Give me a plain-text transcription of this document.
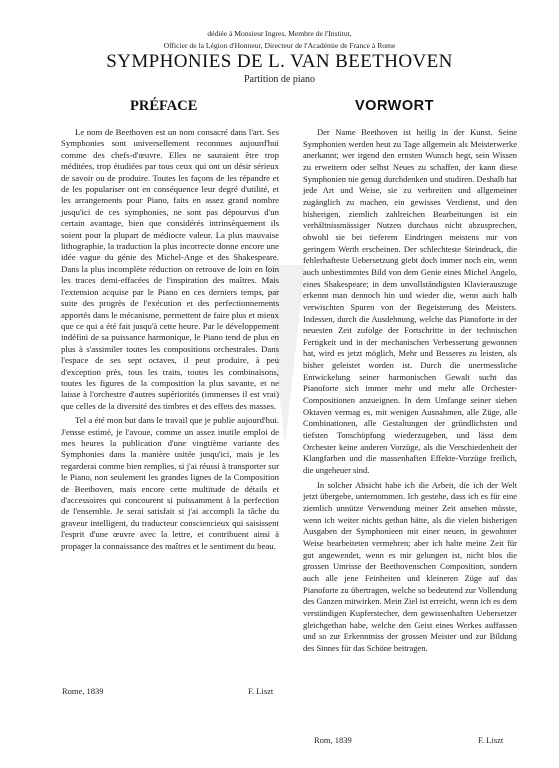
dédiée à Monsieur Ingres, Membre de l'Institut,
Officier de la Légion d'Honneur, Directeur de l'Académie de France à Rome
SYMPHONIES DE L. VAN BEETHOVEN
Partition de piano
PRÉFACE	VORWORT

Le nom de Beethoven est un nom consacré dans l'art. Ses Symphonies sont universellement reconnues aujourd'hui comme des chefs-d'œuvre. Elles ne sauraient être trop méditées, trop étudiées par tous ceux qui ont un désir sérieux de savoir ou de produire. Toutes les façons de les répandre et de les populariser ont en conséquence leur degré d'utilité, et les arrangements pour Piano, faits en assez grand nombre jusqu'ici de ces symphonies, ne sont pas dépourvus d'un certain avantage, bien que considérés intrinsèquement ils soient pour la plupart de médiocre valeur. La plus mauvaise lithographie, la traduction la plus incorrecte donne encore une idée vague du génie des Michel-Ange et des Shakespeare. Dans la plus incomplète réduction on retrouve de loin en loin les traces demi-effacées de l'inspiration des maîtres. Mais l'extension acquise par le Piano en ces derniers temps, par suite des progrès de l'exécution et des perfectionnements apportés dans le mécanisme, permettent de faire plus et mieux que ce qui a été fait jusqu'à cette heure. Par le développement indéfini de sa puissance harmonique, le Piano tend de plus en plus à s'assimiler toutes les compositions orchestrales. Dans l'espace de ses sept octaves, il peut produire, à peu d'exception près, tous les traits, toutes les combinaisons, toutes les figures de la composition la plus savante, et ne laisse à l'orchestre d'autres supériorités (immenses il est vrai) que celles de la diversité des timbres et des effets des masses.

Tel a été mon but dans le travail que je publie aujourd'hui. J'ensse estimé, je l'avoue, comme un assez inutile emploi de mes heures la publication d'une vingtième variante des Symphonies dans la manière usitée jusqu'ici, mais je les regarderai comme bien remplies, si j'ai réussi à transporter sur le Piano, non seulement les grandes lignes de la Composition de Beethoven, mais encore cette multitude de détails et d'accessoires qui concourent si puissamment à la perfection de l'ensemble. Je serai satisfait si j'ai accompli la tâche du graveur intelligent, du traducteur consciencieux qui saisissent l'esprit d'une œuvre avec la lettre, et contribuent ainsi à propager la connaissance des maîtres et le sentiment du beau.

Der Name Beethoven ist heilig in der Kunst. Seine Symphonien werden heut zu Tage allgemein als Meisterwerke anerkannt; wer irgend den ernsten Wunsch hegt, sein Wissen zu erweitern oder selbst Neues zu schaffen, der kann diese Symphonien nie genug durchdenken und studiren. Deshalb hat jede Art und Weise, sie zu verbreiten und allgemeiner zugänglich zu machen, ein gewisses Verdienst, und den bisherigen, ziemlich zahlreichen Bearbeitungen ist ein verhältnissmässiger Nutzen durchaus nicht abzusprechen, obwohl sie bei tieferem Eindringen meistens nur von geringem Werth erscheinen. Der schlechteste Steindruck, die fehlerhafteste Uebersetzung giebt doch immer noch ein, wenn auch unbestimmtes Bild von dem Genie eines Michel Angelo, eines Shakespeare; in dem unvollständigsten Klavierauszuge erkennt man dennoch hin und wieder die, wenn auch halb verwischten Spuren von der Begeisterung des Meisters. Indessen, durch die Ausdehnung, welche das Pianoforte in der neuesten Zeit zufolge der Fortschritte in der technischen Fertigkeit und in der mechanischen Verbesserung gewonnen hat, wird es jetzt möglich, Mehr und Besseres zu leisten, als bisher geleistet worden ist. Durch die unermessliche Entwickelung seiner harmonischen Gewalt sucht das Pianoforte sich immer mehr und mehr alle Orchester-Compositionen anzueignen. In dem Umfange seiner sieben Oktaven vermag es, mit wenigen Ausnahmen, alle Züge, alle Combinationen, alle Gestaltungen der gründlichsten und tiefsten Tonschöpfung wiederzugeben, und lässt dem Orchester keine anderen Vorzüge, als die Verschiedenheit der Klangfarben und die massenhaften Effekte-Vorzüge freilich, die ungeheuer sind.

In solcher Absicht habe ich die Arbeit, die ich der Welt jetzt übergebe, unternommen. Ich gestehe, dass ich es für eine ziemlich unnütze Verwendung meiner Zeit ansehen müsste, wenn ich weiter nichts gethan hätte, als die vielen bisherigen Ausgaben der Symphonieen mit einer neuen, in gewohnter Weise bearbeiteten vermehren; aber ich halte meine Zeit für gut angewendet, wenn es mir gelungen ist, nicht blos die grossen Umrisse der Beethovenschen Composition, sondern auch alle jene Feinheiten und kleineren Züge auf das Pianoforte zu übertragen, welche so bedeutend zur Vollendung des Ganzen mitwirken. Mein Ziel ist erreicht, wenn ich es dem verständigen Kupferstecher, dem gewissenhaften Uebersetzer gleichgethan habe, welche den Geist eines Werkes auffassen und so zur Erkenntniss der grossen Meister und zur Bildung des Sinnes für das Schöne beitragen.

Rome, 1839	F. Liszt
Rom, 1839	F. Liszt
